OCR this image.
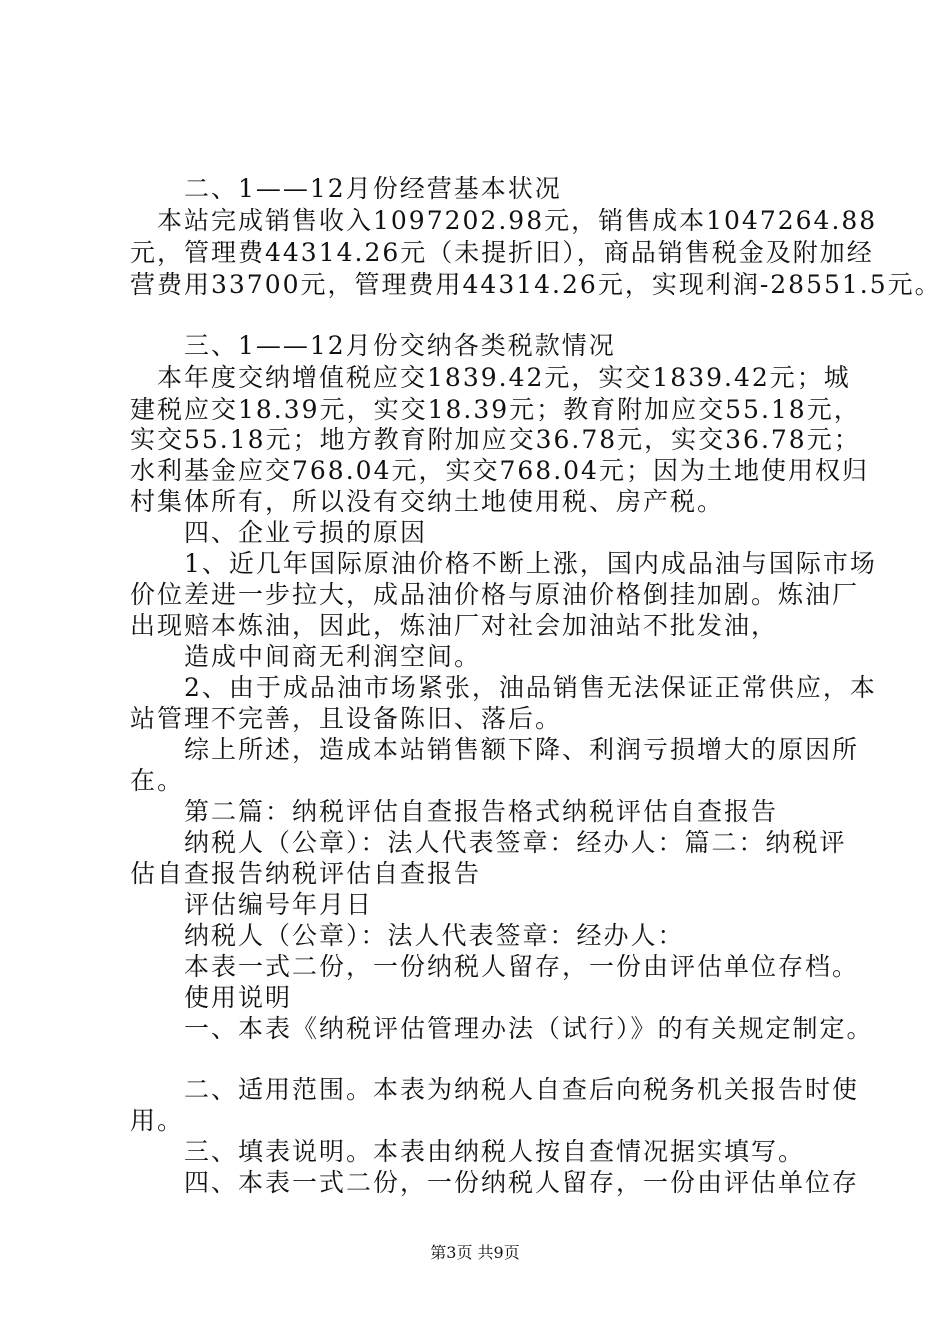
　　二、1——12月份经营基本状况
　本站完成销售收入1097202.98元，销售成本1047264.88
元，管理费44314.26元（未提折旧），商品销售税金及附加经
营费用33700元，管理费用44314.26元，实现利润-28551.5元。
　　三、1——12月份交纳各类税款情况
　本年度交纳增值税应交1839.42元，实交1839.42元；城
建税应交18.39元，实交18.39元；教育附加应交55.18元，
实交55.18元；地方教育附加应交36.78元，实交36.78元；
水利基金应交768.04元，实交768.04元；因为土地使用权归
村集体所有，所以没有交纳土地使用税、房产税。
　　四、企业亏损的原因
　　1、近几年国际原油价格不断上涨，国内成品油与国际市场
价位差进一步拉大，成品油价格与原油价格倒挂加剧。炼油厂
出现赔本炼油，因此，炼油厂对社会加油站不批发油，
　　造成中间商无利润空间。
　　2、由于成品油市场紧张，油品销售无法保证正常供应，本
站管理不完善，且设备陈旧、落后。
　　综上所述，造成本站销售额下降、利润亏损增大的原因所
在。
　　第二篇：纳税评估自查报告格式纳税评估自查报告
　　纳税人（公章）：法人代表签章：经办人：篇二：纳税评
估自查报告纳税评估自查报告
　　评估编号年月日
　　纳税人（公章）：法人代表签章：经办人：
　　本表一式二份，一份纳税人留存，一份由评估单位存档。
　　使用说明
　　一、本表《纳税评估管理办法（试行）》的有关规定制定。
　　二、适用范围。本表为纳税人自查后向税务机关报告时使
用。
　　三、填表说明。本表由纳税人按自查情况据实填写。
　　四、本表一式二份，一份纳税人留存，一份由评估单位存
第3页 共9页
